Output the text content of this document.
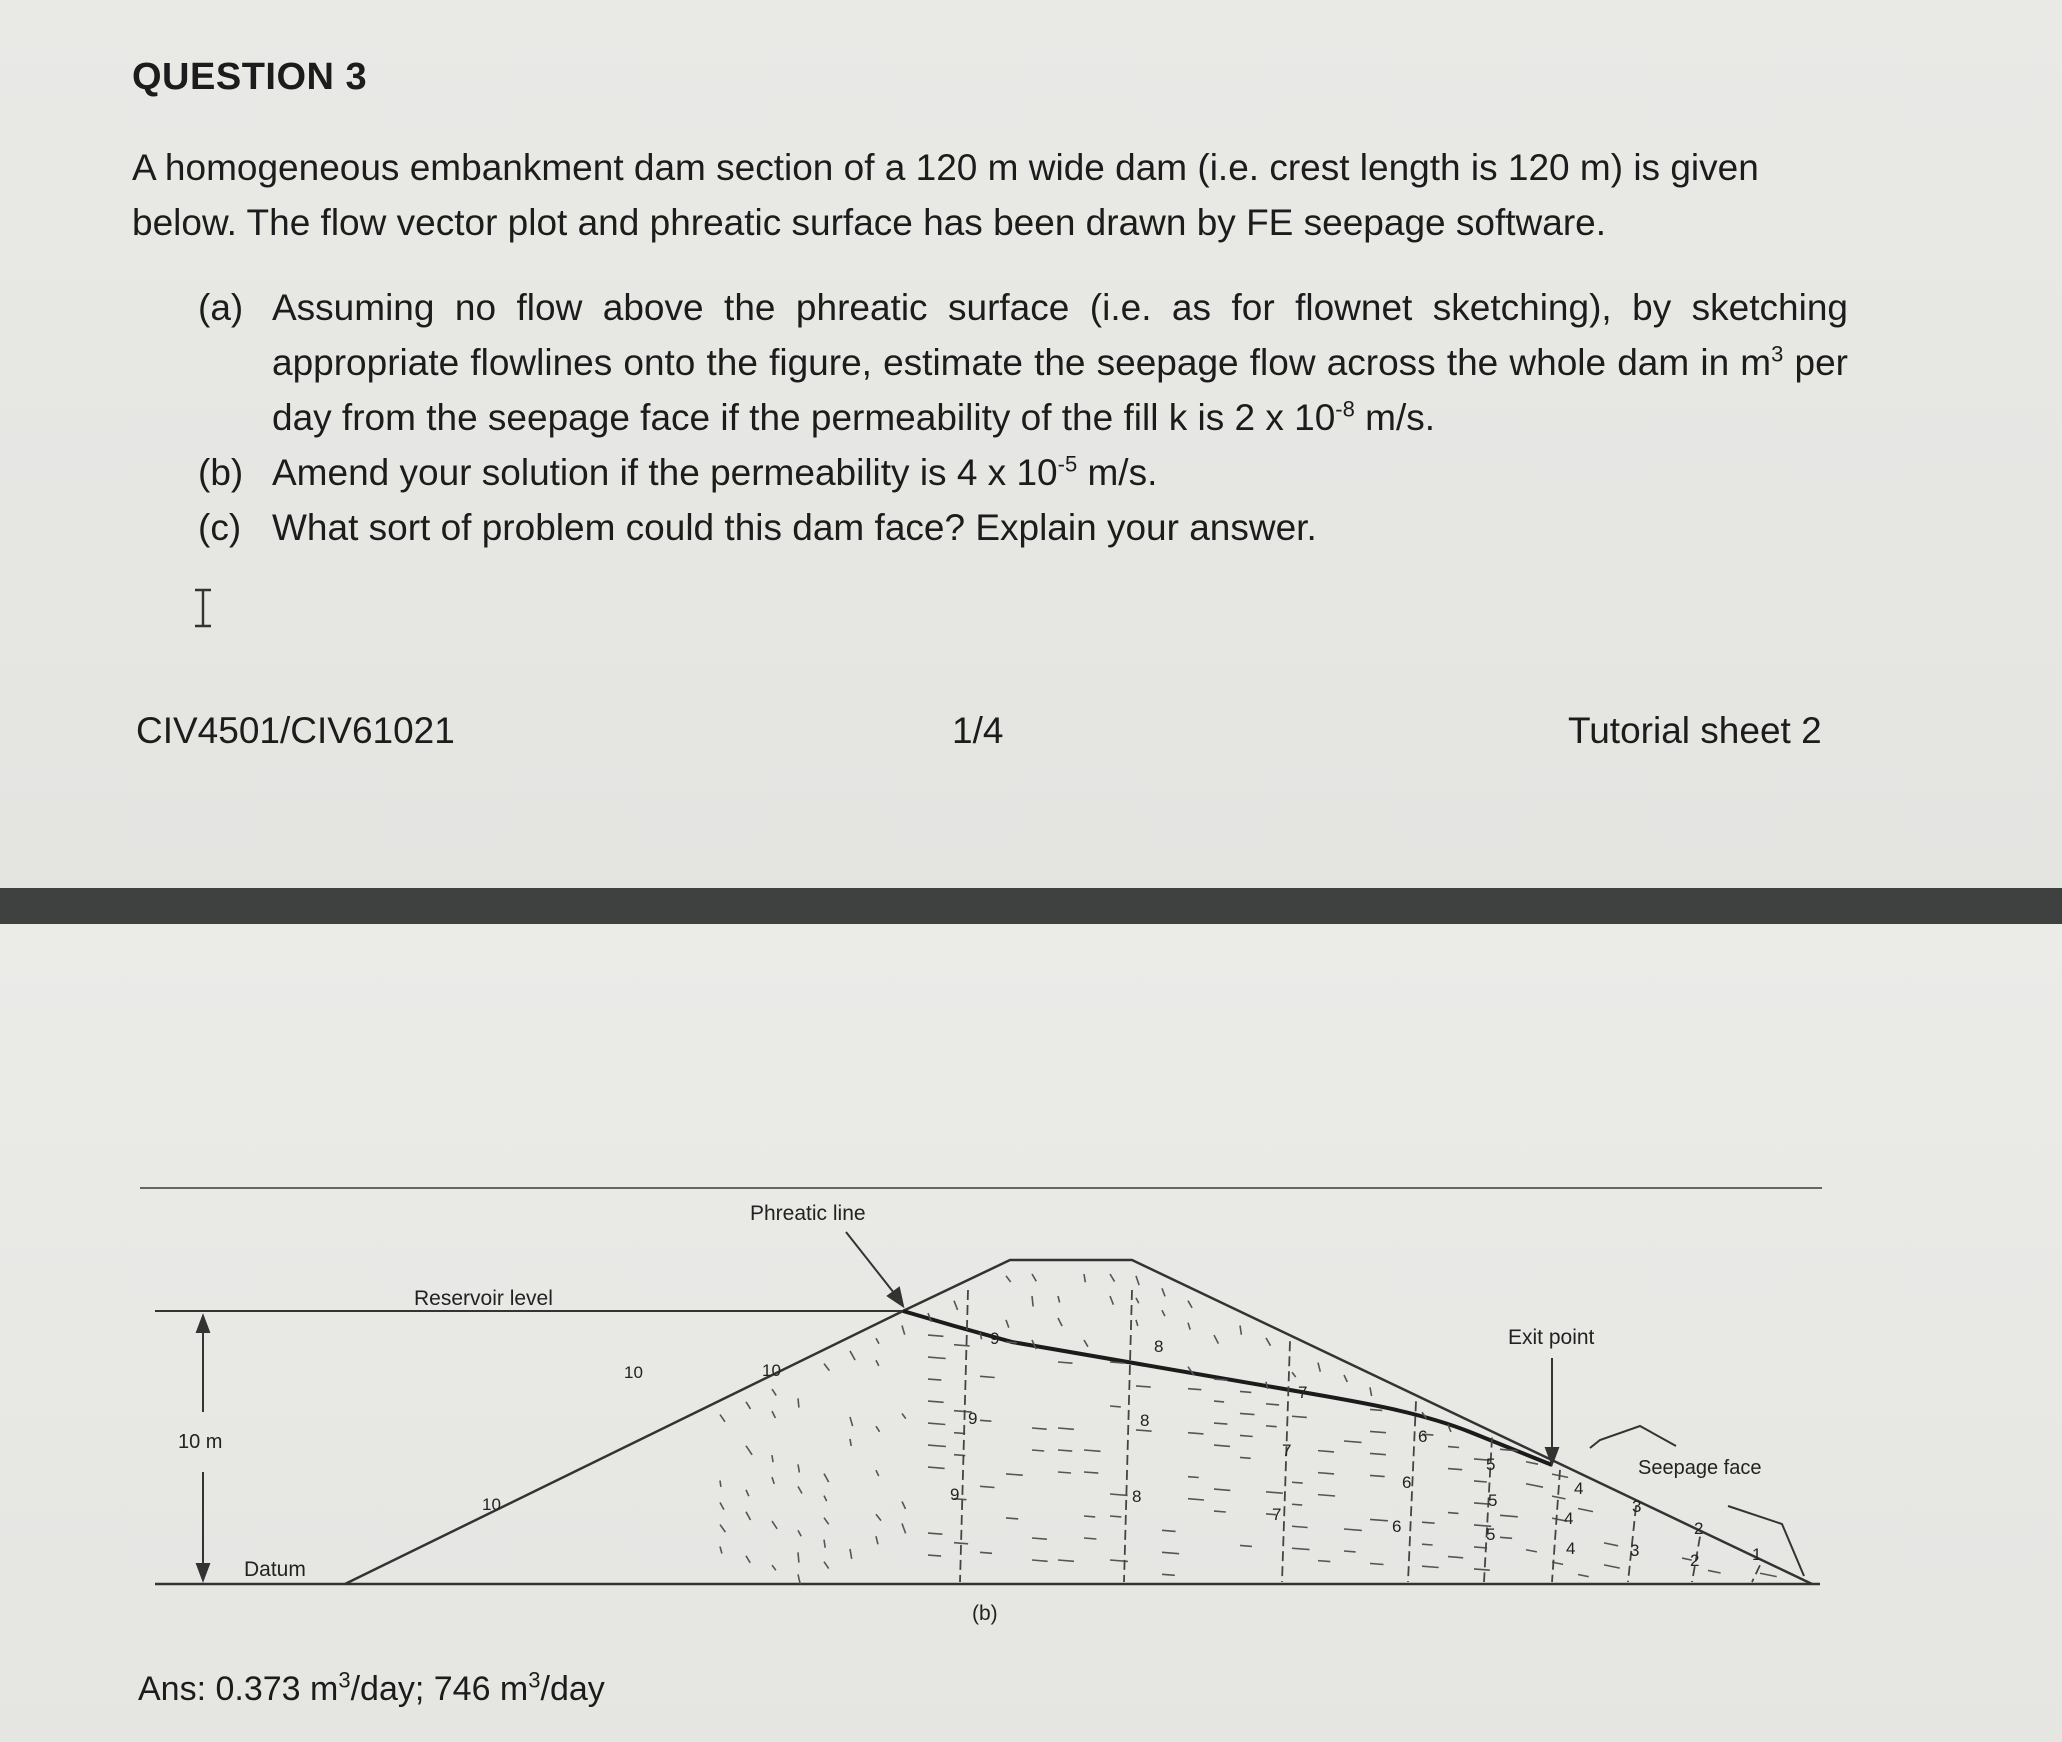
QUESTION 3
A homogeneous embankment dam section of a 120 m wide dam (i.e. crest length is 120 m) is given below. The flow vector plot and phreatic surface has been drawn by FE seepage software.
(a) Assuming no flow above the phreatic surface (i.e. as for flownet sketching), by sketching appropriate flowlines onto the figure, estimate the seepage flow across the whole dam in $m^3$ per day from the seepage face if the permeability of the fill k is 2 x $10^{-8}$ m/s.
(b) Amend your solution if the permeability is 4 x $10^{-5}$ m/s.
(c) What sort of problem could this dam face? Explain your answer.
CIV4501/CIV61021	1/4	Tutorial sheet 2
10 m
Datum
Reservoir level
Phreatic line
Exit point
Seepage face
10
10
10
9
9
9
8
8
8
7
7
7
6
6
6
5
5
5
4
4
4
3
3
2
2	1
(b)
Ans: 0.373 $m^3$/day; 746 $m^3$/day
